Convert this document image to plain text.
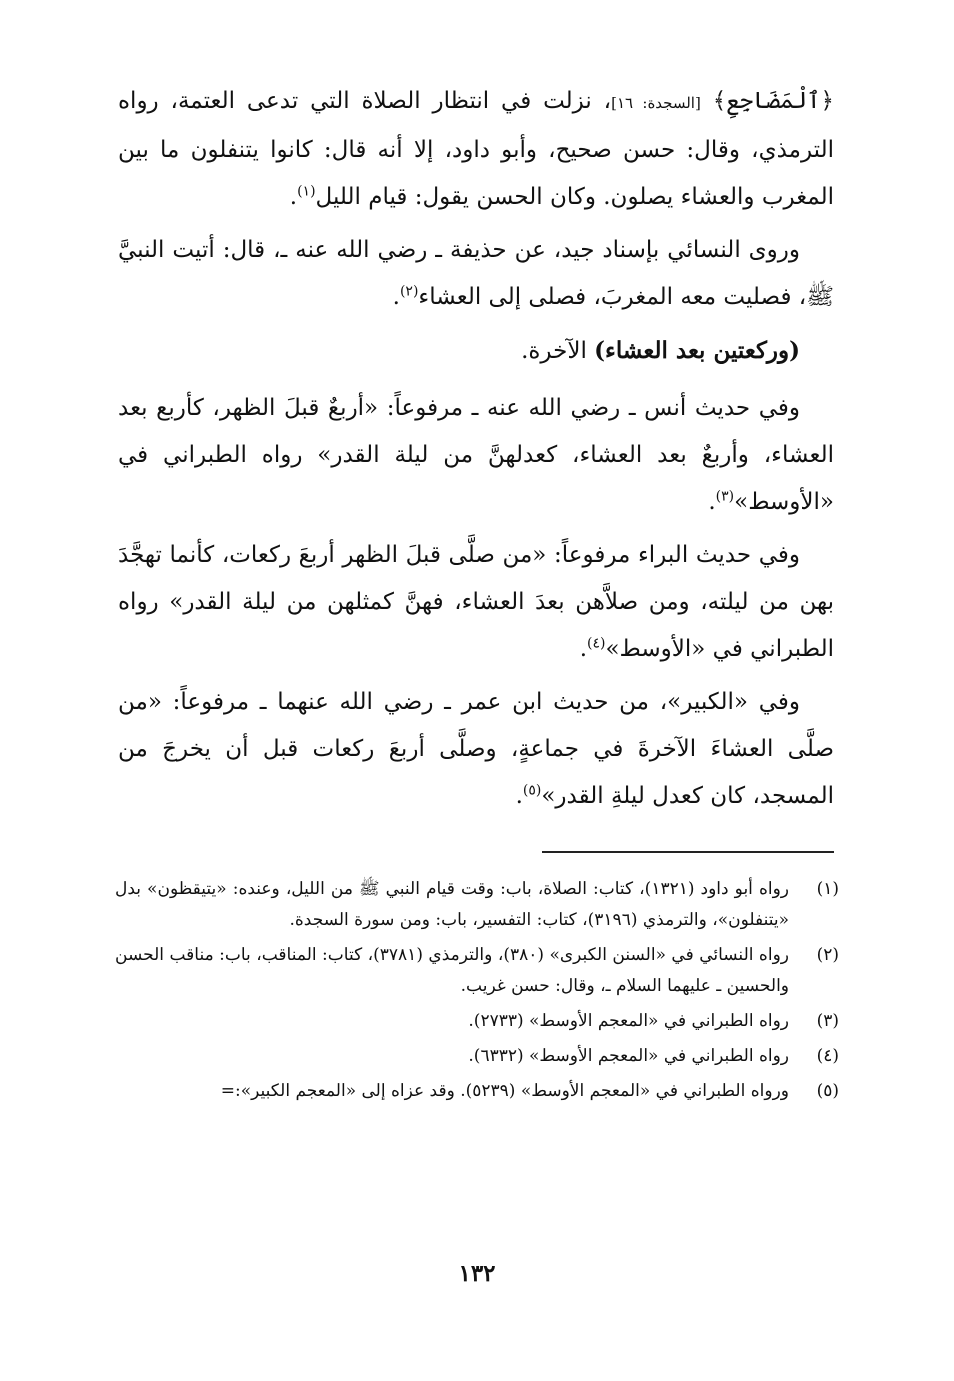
﴿ٱلْمَضَاجِعِ﴾ [السجدة: ١٦]، نزلت في انتظار الصلاة التي تدعى العتمة، رواه الترمذي، وقال: حسن صحيح، وأبو داود، إلا أنه قال: كانوا يتنفلون ما بين المغرب والعشاء يصلون. وكان الحسن يقول: قيام الليل$^{(١)}$.

وروى النسائي بإسناد جيد، عن حذيفة ـ رضي الله عنه ـ، قال: أتيت النبيَّ ﷺ، فصليت معه المغربَ، فصلى إلى العشاء$^{(٢)}$.

(وركعتين بعد العشاء) الآخرة.

وفي حديث أنس ـ رضي الله عنه ـ مرفوعاً: «أربعٌ قبلَ الظهر، كأربع بعد العشاء، وأربعٌ بعد العشاء، كعدلهنَّ من ليلة القدر» رواه الطبراني في «الأوسط»$^{(٣)}$.

وفي حديث البراء مرفوعاً: «من صلَّى قبلَ الظهر أربعَ ركعات، كأنما تهجَّدَ بهن من ليلته، ومن صلاَّهن بعدَ العشاء، فهنَّ كمثلهن من ليلة القدر» رواه الطبراني في «الأوسط»$^{(٤)}$.

وفي «الكبير»، من حديث ابن عمر ـ رضي الله عنهما ـ مرفوعاً: «من صلَّى العشاءَ الآخرةَ في جماعةٍ، وصلَّى أربعَ ركعات قبل أن يخرجَ من المسجد، كان كعدل ليلةِ القدر»$^{(٥)}$.

(١)
رواه أبو داود (١٣٢١)، كتاب: الصلاة، باب: وقت قيام النبي ﷺ من الليل، وعنده: «يتيقظون» بدل «يتنفلون»، والترمذي (٣١٩٦)، كتاب: التفسير، باب: ومن سورة السجدة.
(٢)
رواه النسائي في «السنن الكبرى» (٣٨٠)، والترمذي (٣٧٨١)، كتاب: المناقب، باب: مناقب الحسن والحسين ـ عليهما السلام ـ، وقال: حسن غريب.
(٣)
رواه الطبراني في «المعجم الأوسط» (٢٧٣٣).
(٤)
رواه الطبراني في «المعجم الأوسط» (٦٣٣٢).
(٥)
ورواه الطبراني في «المعجم الأوسط» (٥٢٣٩). وقد عزاه إلى «المعجم الكبير»:=
١٣٢
